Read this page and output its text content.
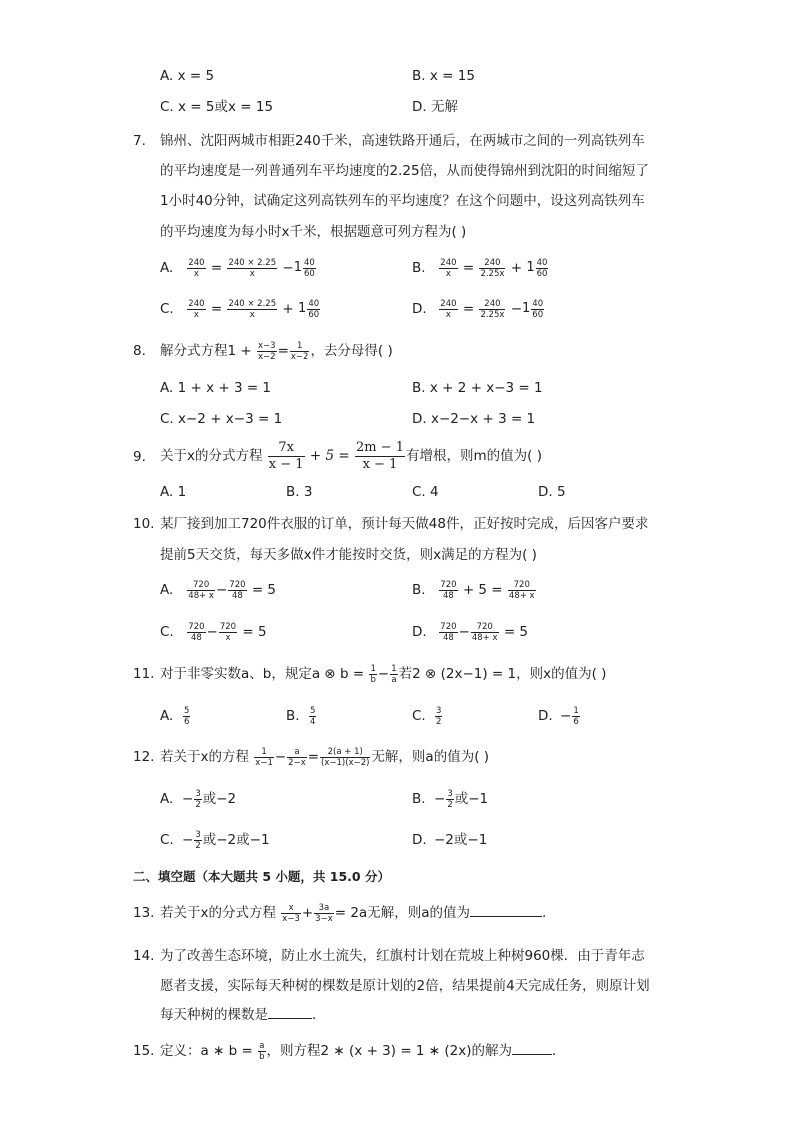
A. x = 5	B. x = 15
C. x = 5或x = 15	D. 无解
7.	锦州、沈阳两城市相距240千米，高速铁路开通后，在两城市之间的一列高铁列车
的平均速度是一列普通列车平均速度的2.25倍，从而使得锦州到沈阳的时间缩短了
1小时40分钟，试确定这列高铁列车的平均速度？在这个问题中，设这列高铁列车
的平均速度为每小时x千米，根据题意可列方程为( )
A. $\frac{240}{x} = \frac{240 \times 2.25}{x} -1 \frac{40}{60}$	B. $\frac{240}{x} = \frac{240}{2.25x} + 1 \frac{40}{60}$
C. $\frac{240}{x} = \frac{240 \times 2.25}{x} + 1 \frac{40}{60}$	D. $\frac{240}{x} = \frac{240}{2.25x} -1 \frac{40}{60}$
8.	解分式方程$1 + \frac{x-3}{x-2} = \frac{1}{x-2}$ ，去分母得( )
A. 1 + x + 3 = 1	B. x + 2 + x−3 = 1
C. x−2 + x−3 = 1	D. x−2−x + 3 = 1
9.	关于x的分式方程 $\frac{7x}{x - 1} + 5 = \frac{2m - 1}{x - 1}$ 有增根，则m的值为( )
A. 1	B. 3	C. 4	D. 5
10. 某厂接到加工720件衣服的订单，预计每天做48件，正好按时完成，后因客户要求
提前5天交货，每天多做x件才能按时交货，则x满足的方程为( )
A. $\frac{720}{48+ x} - \frac{720}{48} = 5$	B. $\frac{720}{48} + 5 = \frac{720}{48+ x}$
C. $\frac{720}{48} - \frac{720}{x} = 5$	D. $\frac{720}{48} - \frac{720}{48+ x} = 5$
11. 对于非零实数a、b，规定a ⊗ $b = \frac{1}{b} - \frac{1}{a}$ 若2 ⊗ (2x−1) = 1，则x的值为( )
A. $\frac{5}{6}$	B. $\frac{5}{4}$	C. $\frac{3}{2}$	D. − $\frac{1}{6}$
12. 若关于x的方程 $\frac{1}{x-1} - \frac{a}{2-x} = \frac{2(a + 1)}{(x-1)(x-2)}$ 无解，则a的值为( )
A. − $\frac{3}{2}$ 或−2	B. − $\frac{3}{2}$ 或−1
C. − $\frac{3}{2}$ 或−2或−1	D. −2或−1
二、填空题（本大题共 5 小题，共 15.0 分）
13. 若关于x的分式方程 $\frac{x}{x-3} + \frac{3a}{3-x} = 2a$无解，则a的值为	.
14. 为了改善生态环境，防止水土流失，红旗村计划在荒坡上种树960棵．由于青年志
愿者支援，实际每天种树的棵数是原计划的2倍，结果提前4天完成任务，则原计划
每天种树的棵数是	.
15. 定义：a ∗ $b = \frac{a}{b}$ ，则方程2 ∗ (x + 3) = 1 ∗ (2x)的解为	.
